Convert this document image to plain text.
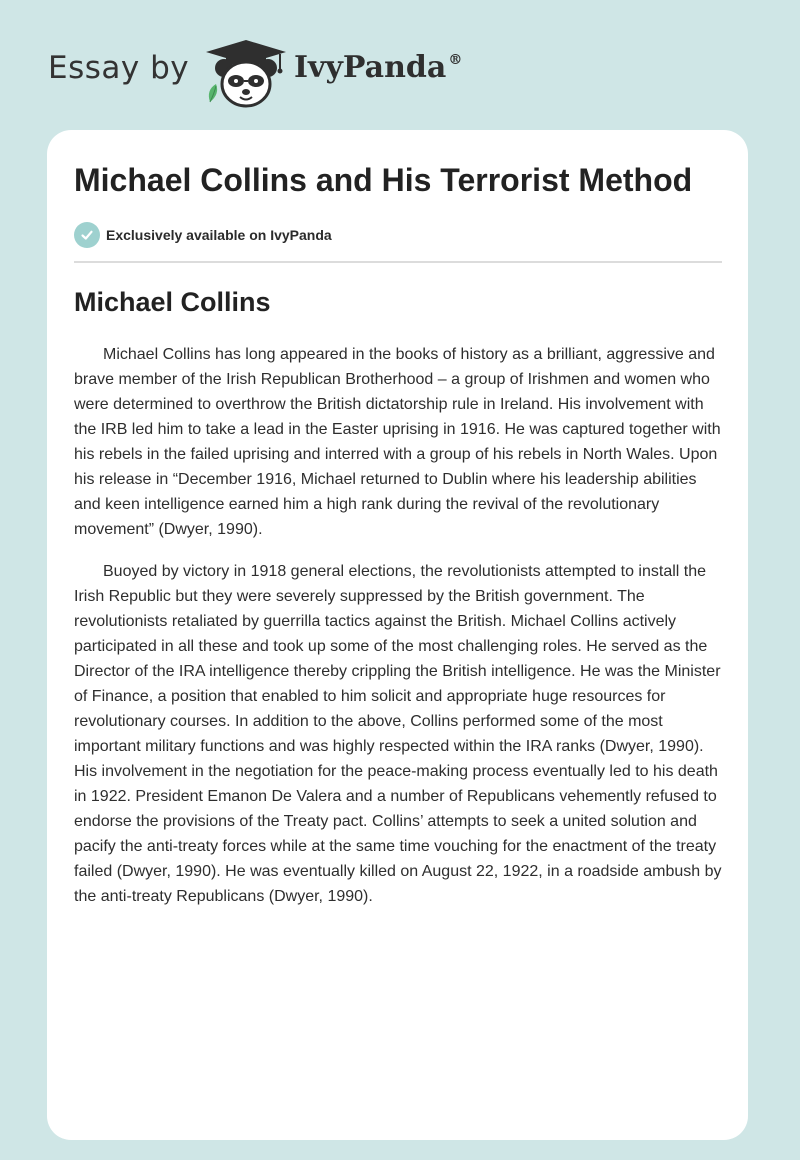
Essay by	IvyPanda ®
Michael Collins and His Terrorist Method
Exclusively available on IvyPanda
Michael Collins

Michael Collins has long appeared in the books of history as a brilliant, aggressive and brave member of the Irish Republican Brotherhood – a group of Irishmen and women who were determined to overthrow the British dictatorship rule in Ireland. His involvement with the IRB led him to take a lead in the Easter uprising in 1916. He was captured together with his rebels in the failed uprising and interred with a group of his rebels in North Wales. Upon his release in “December 1916, Michael returned to Dublin where his leadership abilities and keen intelligence earned him a high rank during the revival of the revolutionary movement” (Dwyer, 1990).

Buoyed by victory in 1918 general elections, the revolutionists attempted to install the Irish Republic but they were severely suppressed by the British government. The revolutionists retaliated by guerrilla tactics against the British. Michael Collins actively participated in all these and took up some of the most challenging roles. He served as the Director of the IRA intelligence thereby crippling the British intelligence. He was the Minister of Finance, a position that enabled to him solicit and appropriate huge resources for revolutionary courses. In addition to the above, Collins performed some of the most important military functions and was highly respected within the IRA ranks (Dwyer, 1990). His involvement in the negotiation for the peace-making process eventually led to his death in 1922. President Emanon De Valera and a number of Republicans vehemently refused to endorse the provisions of the Treaty pact. Collins’ attempts to seek a united solution and pacify the anti-treaty forces while at the same time vouching for the enactment of the treaty failed (Dwyer, 1990). He was eventually killed on August 22, 1922, in a roadside ambush by the anti-treaty Republicans (Dwyer, 1990).
